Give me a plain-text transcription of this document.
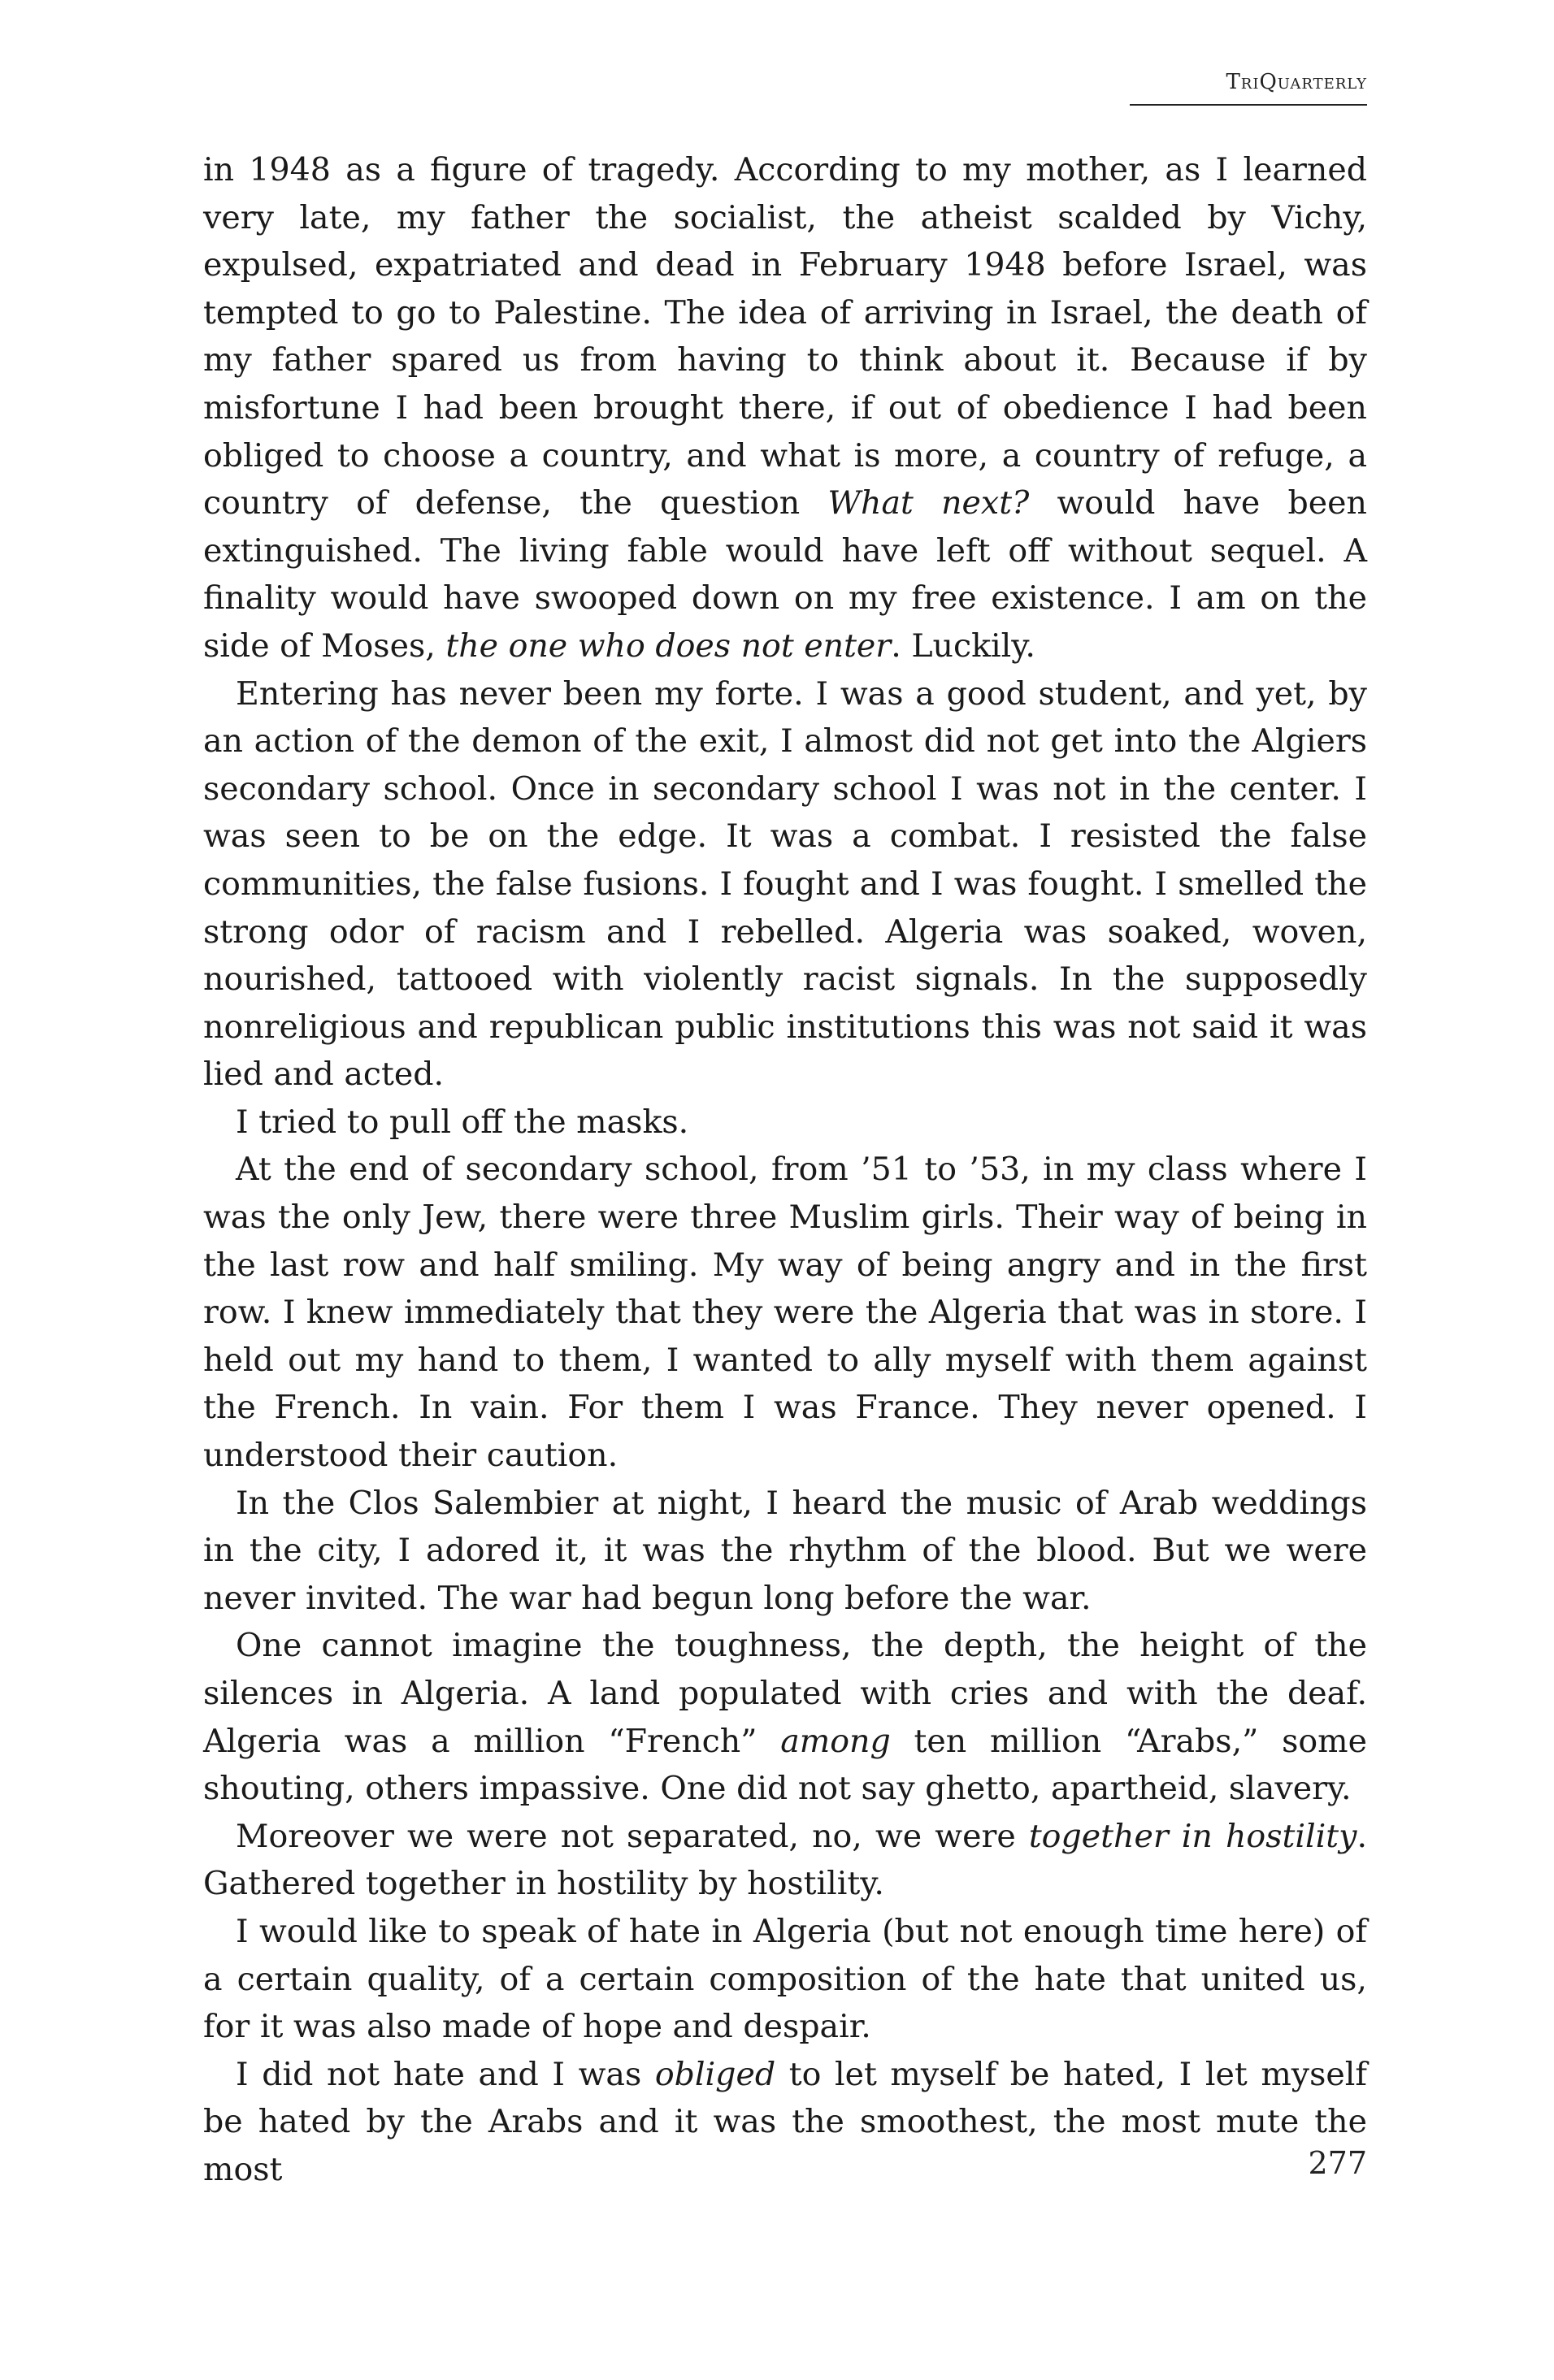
TriQuarterly

in 1948 as a figure of tragedy. According to my mother, as I learned very late, my father the socialist, the atheist scalded by Vichy, expulsed, expatriated and dead in February 1948 before Israel, was tempted to go to Palestine. The idea of arriving in Israel, the death of my father spared us from having to think about it. Because if by misfortune I had been brought there, if out of obedience I had been obliged to choose a country, and what is more, a country of refuge, a country of defense, the question What next? would have been extinguished. The living fable would have left off without sequel. A finality would have swooped down on my free existence. I am on the side of Moses, the one who does not enter. Luckily.

Entering has never been my forte. I was a good student, and yet, by an action of the demon of the exit, I almost did not get into the Algiers secondary school. Once in secondary school I was not in the center. I was seen to be on the edge. It was a combat. I resisted the false communities, the false fusions. I fought and I was fought. I smelled the strong odor of racism and I rebelled. Algeria was soaked, woven, nourished, tattooed with violently racist signals. In the supposedly nonreligious and republican public institutions this was not said it was lied and acted.

I tried to pull off the masks.

At the end of secondary school, from ’51 to ’53, in my class where I was the only Jew, there were three Muslim girls. Their way of being in the last row and half smiling. My way of being angry and in the first row. I knew immediately that they were the Algeria that was in store. I held out my hand to them, I wanted to ally myself with them against the French. In vain. For them I was France. They never opened. I understood their caution.

In the Clos Salembier at night, I heard the music of Arab weddings in the city, I adored it, it was the rhythm of the blood. But we were never invited. The war had begun long before the war.

One cannot imagine the toughness, the depth, the height of the silences in Algeria. A land populated with cries and with the deaf. Algeria was a million “French” among ten million “Arabs,” some shouting, others impassive. One did not say ghetto, apartheid, slavery.

Moreover we were not separated, no, we were together in hostility. Gathered together in hostility by hostility.

I would like to speak of hate in Algeria (but not enough time here) of a certain quality, of a certain composition of the hate that united us, for it was also made of hope and despair.

I did not hate and I was obliged to let myself be hated, I let myself be hated by the Arabs and it was the smoothest, the most mute the most	277
